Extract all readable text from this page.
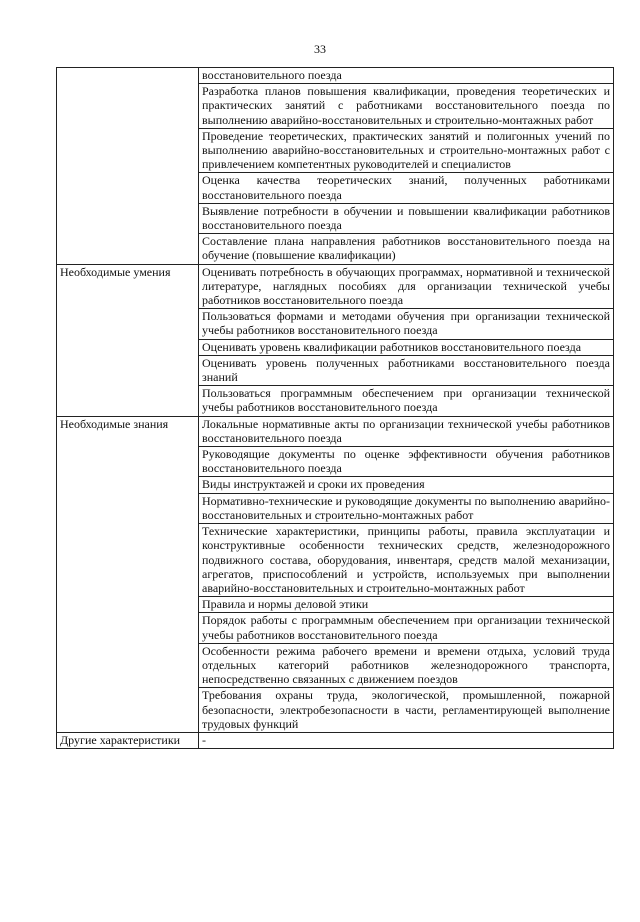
33
	восстановительного поезда
	Разработка планов повышения квалификации, проведения теоретических и практических занятий с работниками восстановительного поезда по выполнению аварийно-восстановительных и строительно-монтажных работ
	Проведение теоретических, практических занятий и полигонных учений по выполнению аварийно-восстановительных и строительно-монтажных работ с привлечением компетентных руководителей и специалистов
	Оценка качества теоретических знаний, полученных работниками восстановительного поезда
	Выявление потребности в обучении и повышении квалификации работников восстановительного поезда
	Составление плана направления работников восстановительного поезда на обучение (повышение квалификации)
Необходимые умения	Оценивать потребность в обучающих программах, нормативной и технической литературе, наглядных пособиях для организации технической учебы работников восстановительного поезда
	Пользоваться формами и методами обучения при организации технической учебы работников восстановительного поезда
	Оценивать уровень квалификации работников восстановительного поезда
	Оценивать уровень полученных работниками восстановительного поезда знаний
	Пользоваться программным обеспечением при организации технической учебы работников восстановительного поезда
Необходимые знания	Локальные нормативные акты по организации технической учебы работников восстановительного поезда
	Руководящие документы по оценке эффективности обучения работников восстановительного поезда
	Виды инструктажей и сроки их проведения
	Нормативно-технические и руководящие документы по выполнению аварийно-восстановительных и строительно-монтажных работ
	Технические характеристики, принципы работы, правила эксплуатации и конструктивные особенности технических средств, железнодорожного подвижного состава, оборудования, инвентаря, средств малой механизации, агрегатов, приспособлений и устройств, используемых при выполнении аварийно-восстановительных и строительно-монтажных работ
	Правила и нормы деловой этики
	Порядок работы с программным обеспечением при организации технической учебы работников восстановительного поезда
	Особенности режима рабочего времени и времени отдыха, условий труда отдельных категорий работников железнодорожного транспорта, непосредственно связанных с движением поездов
	Требования охраны труда, экологической, промышленной, пожарной безопасности, электробезопасности в части, регламентирующей выполнение трудовых функций
Другие характеристики	-
